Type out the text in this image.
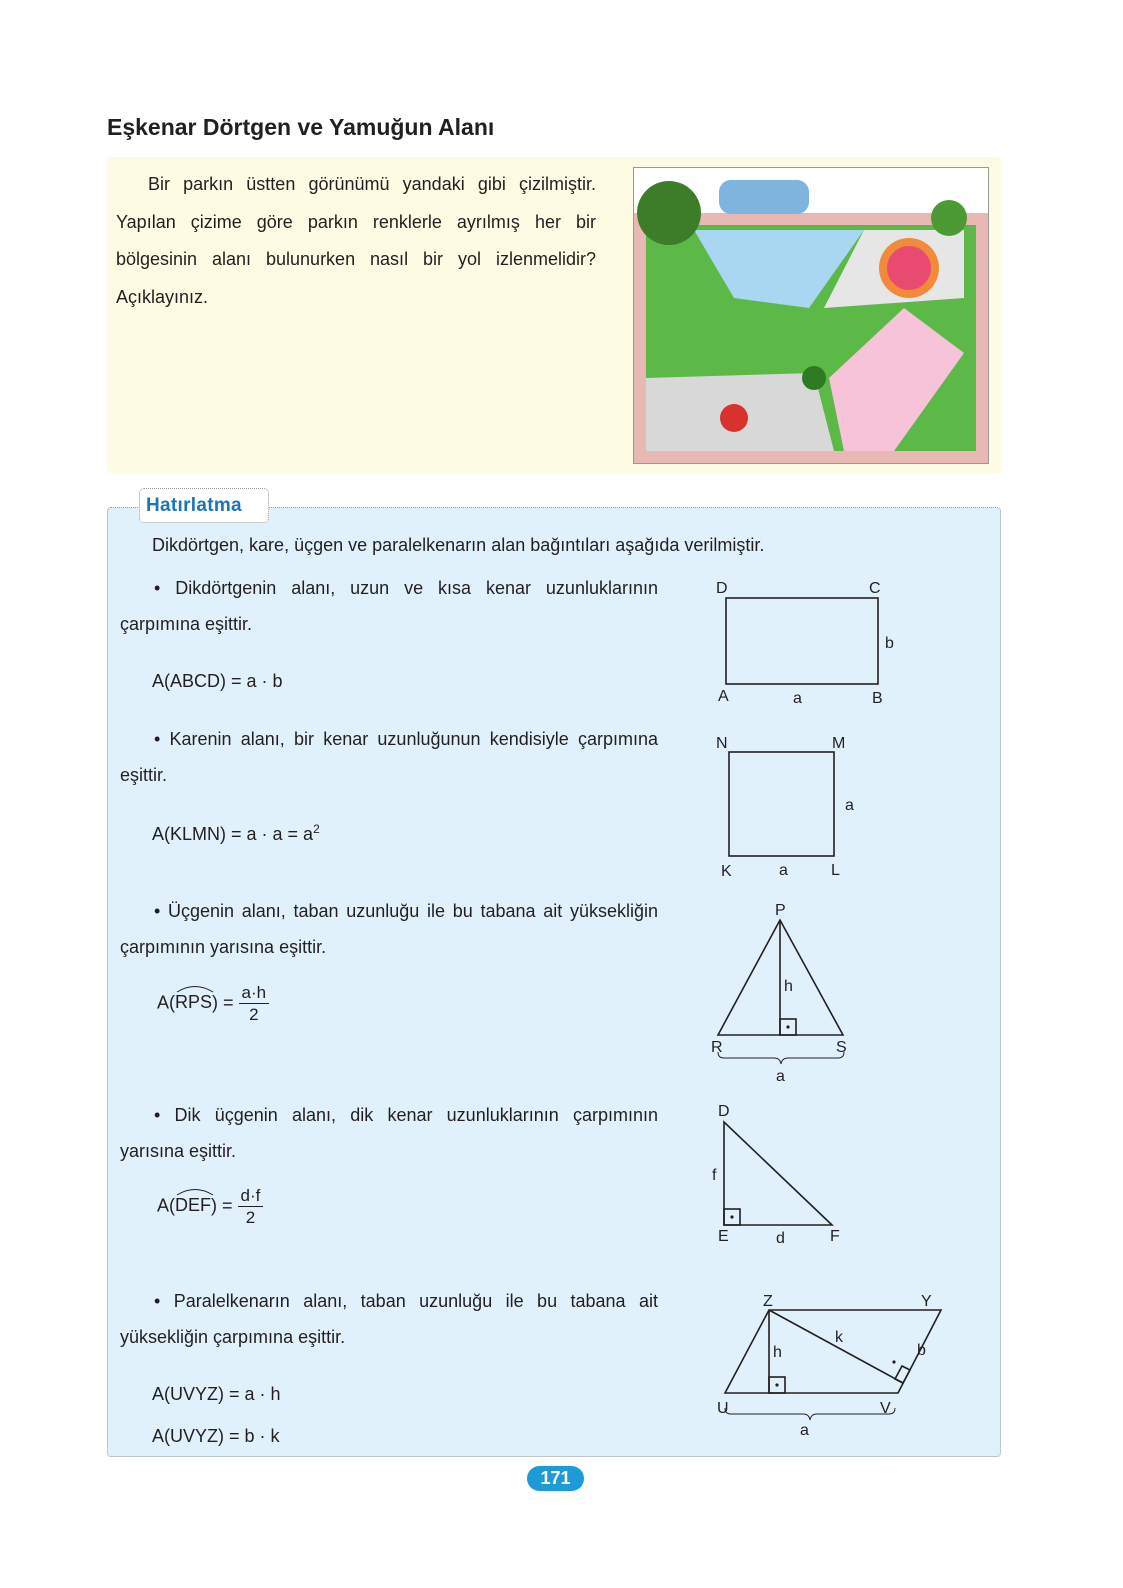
Eşkenar Dörtgen ve Yamuğun Alanı
Bir parkın üstten görünümü yandaki gibi çizilmiştir. Yapılan çizime göre parkın renklerle ayrılmış her bir bölgesinin alanı bulunurken nasıl bir yol izlenmelidir? Açıklayınız.
Hatırlatma
Dikdörtgen, kare, üçgen ve paralelkenarın alan bağıntıları aşağıda verilmiştir.
• Dikdörtgenin alanı, uzun ve kısa kenar uzunluklarının çarpımına eşittir.
A(ABCD) = a · b
• Karenin alanı, bir kenar uzunluğunun kendisiyle çarpımına eşittir.
A(KLMN) = $a \cdot a = a^2$
• Üçgenin alanı, taban uzunluğu ile bu tabana ait yüksekliğin çarpımının yarısına eşittir.
A(
$RPS) = \frac{a\cdot h}{2}$
• Dik üçgenin alanı, dik kenar uzunluklarının çarpımının yarısına eşittir.
A(
$DEF) = \frac{d\cdot f}{2}$
• Paralelkenarın alanı, taban uzunluğu ile bu tabana ait yüksekliğin çarpımına eşittir.
A(UVYZ) = a · h
A(UVYZ) = b · k
D	C
A	B
a
b
N	M
K	L
a
a
P
R	S
h
a
D
E	F
f
d
Z	Y
U	V
h
k
b
a
171
